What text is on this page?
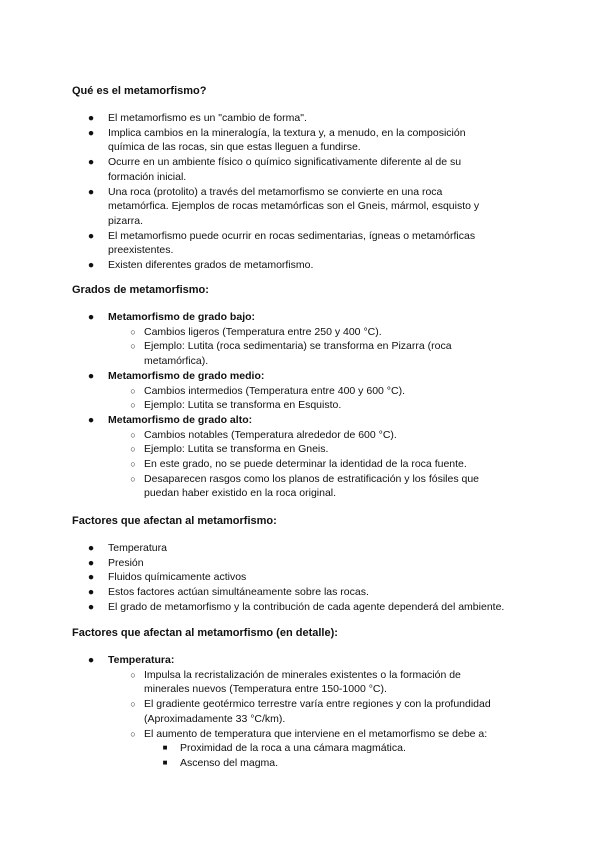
Qué es el metamorfismo?
● El metamorfismo es un "cambio de forma".
● Implica cambios en la mineralogía, la textura y, a menudo, en la composición
química de las rocas, sin que estas lleguen a fundirse.
● Ocurre en un ambiente físico o químico significativamente diferente al de su
formación inicial.
● Una roca (protolito) a través del metamorfismo se convierte en una roca
metamórfica. Ejemplos de rocas metamórficas son el Gneis, mármol, esquisto y
pizarra.
● El metamorfismo puede ocurrir en rocas sedimentarias, ígneas o metamórficas
preexistentes.
● Existen diferentes grados de metamorfismo.
Grados de metamorfismo:
● Metamorfismo de grado bajo:
○ Cambios ligeros (Temperatura entre 250 y 400 °C).
○ Ejemplo: Lutita (roca sedimentaria) se transforma en Pizarra (roca
metamórfica).
● Metamorfismo de grado medio:
○ Cambios intermedios (Temperatura entre 400 y 600 °C).
○ Ejemplo: Lutita se transforma en Esquisto.
● Metamorfismo de grado alto:
○ Cambios notables (Temperatura alrededor de 600 °C).
○ Ejemplo: Lutita se transforma en Gneis.
○ En este grado, no se puede determinar la identidad de la roca fuente.
○ Desaparecen rasgos como los planos de estratificación y los fósiles que
puedan haber existido en la roca original.
Factores que afectan al metamorfismo:
● Temperatura
● Presión
● Fluidos químicamente activos
● Estos factores actúan simultáneamente sobre las rocas.
● El grado de metamorfismo y la contribución de cada agente dependerá del ambiente.
Factores que afectan al metamorfismo (en detalle):
● Temperatura:
○ Impulsa la recristalización de minerales existentes o la formación de
minerales nuevos (Temperatura entre 150-1000 °C).
○ El gradiente geotérmico terrestre varía entre regiones y con la profundidad
(Aproximadamente 33 °C/km).
○ El aumento de temperatura que interviene en el metamorfismo se debe a:
■	Proximidad de la roca a una cámara magmática.
■	Ascenso del magma.
